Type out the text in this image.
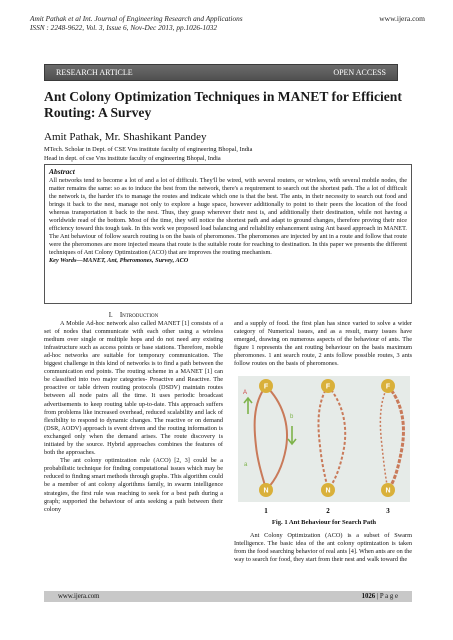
Amit Pathak et al Int. Journal of Engineering Research and Applications
ISSN : 2248-9622, Vol. 3, Issue 6, Nov-Dec 2013, pp.1026-1032
www.ijera.com
RESEARCH ARTICLE	OPEN ACCESS
Ant Colony Optimization Techniques in MANET for Efficient Routing: A Survey
Amit Pathak, Mr. Shashikant Pandey
MTech. Scholar in Dept. of CSE Vns institute faculty of engineering Bhopal, India
Head in dept. of cse Vns institute faculty of engineering Bhopal, India
Abstract
All networks tend to become a lot of and a lot of difficult. They'll be wired, with several routers, or wireless, with several mobile nodes, the matter remains the same: so as to induce the best from the network, there's a requirement to search out the shortest path. The a lot of difficult the network is, the harder it's to manage the routes and indicate which one is that the best. The ants, in their necessity to search out food and brings it back to the nest, manage not only to explore a huge space, however additionally to point to their peers the location of the food whereas transportation it back to the nest. Thus, they grasp wherever their nest is, and additionally their destination, while not having a worldwide read of the bottom. Most of the time, they will notice the shortest path and adapt to ground changes, therefore proving their nice efficiency toward this tough task. In this work we proposed load balancing and reliability enhancement using Ant based approach in MANET. The Ant behaviour of follow search routing is on the basis of pheromones. The pheromones are injected by ant in a route and follow that route were the pheromones are more injected means that route is the suitable route for reaching to destination. In this paper we presents the different techniques of Ant Colony Optimization (ACO) that are improves the routing mechanism.
Key Words—MANET, Ant, Pheromones, Survey, ACO
I. Introduction

A Mobile Ad-hoc network also called MANET [1] consists of a set of nodes that communicate with each other using a wireless medium over single or multiple hops and do not need any existing infrastructure such as access points or base stations. Therefore, mobile ad-hoc networks are suitable for temporary communication. The biggest challenge in this kind of networks is to find a path between the communication end points. The routing scheme in a MANET [1] can be classified into two major categories- Proactive and Reactive. The proactive or table driven routing protocols (DSDV) maintain routes between all node pairs all the time. It uses periodic broadcast advertisements to keep routing table up-to-date. This approach suffers from problems like increased overhead, reduced scalability and lack of flexibility to respond to dynamic changes. The reactive or on demand (DSR, AODV) approach is event driven and the routing information is exchanged only when the demand arises. The route discovery is initiated by the source. Hybrid approaches combines the features of both the approaches.

The ant colony optimization rule (ACO) [2, 3] could be a probabilistic technique for finding computational issues which may be reduced to finding smart methods through graphs. This algorithm could be a member of ant colony algorithms family, in swarm intelligence strategies, the first rule was reaching to seek for a best path during a graph; supported the behaviour of ants seeking a path between their colony

and a supply of food. the first plan has since varied to solve a wider category of Numerical issues, and as a result, many issues have emerged, drawing on numerous aspects of the behaviour of ants. The figure 1 represents the ant routing behaviour on the basis maximum pheromones. 1 ant search route, 2 ants follow possible routes, 3 ants follow routes on the basis of pheromones.

A
a
b
F
N
F
N
F
N
1	2	3
Fig. 1 Ant Behaviour for Search Path

Ant Colony Optimization (ACO) is a subset of Swarm Intelligence. The basic idea of the ant colony optimization is taken from the food searching behavior of real ants [4]. When ants are on the way to search for food, they start from their nest and walk toward the

www.ijera.com	1026 | P a g e
